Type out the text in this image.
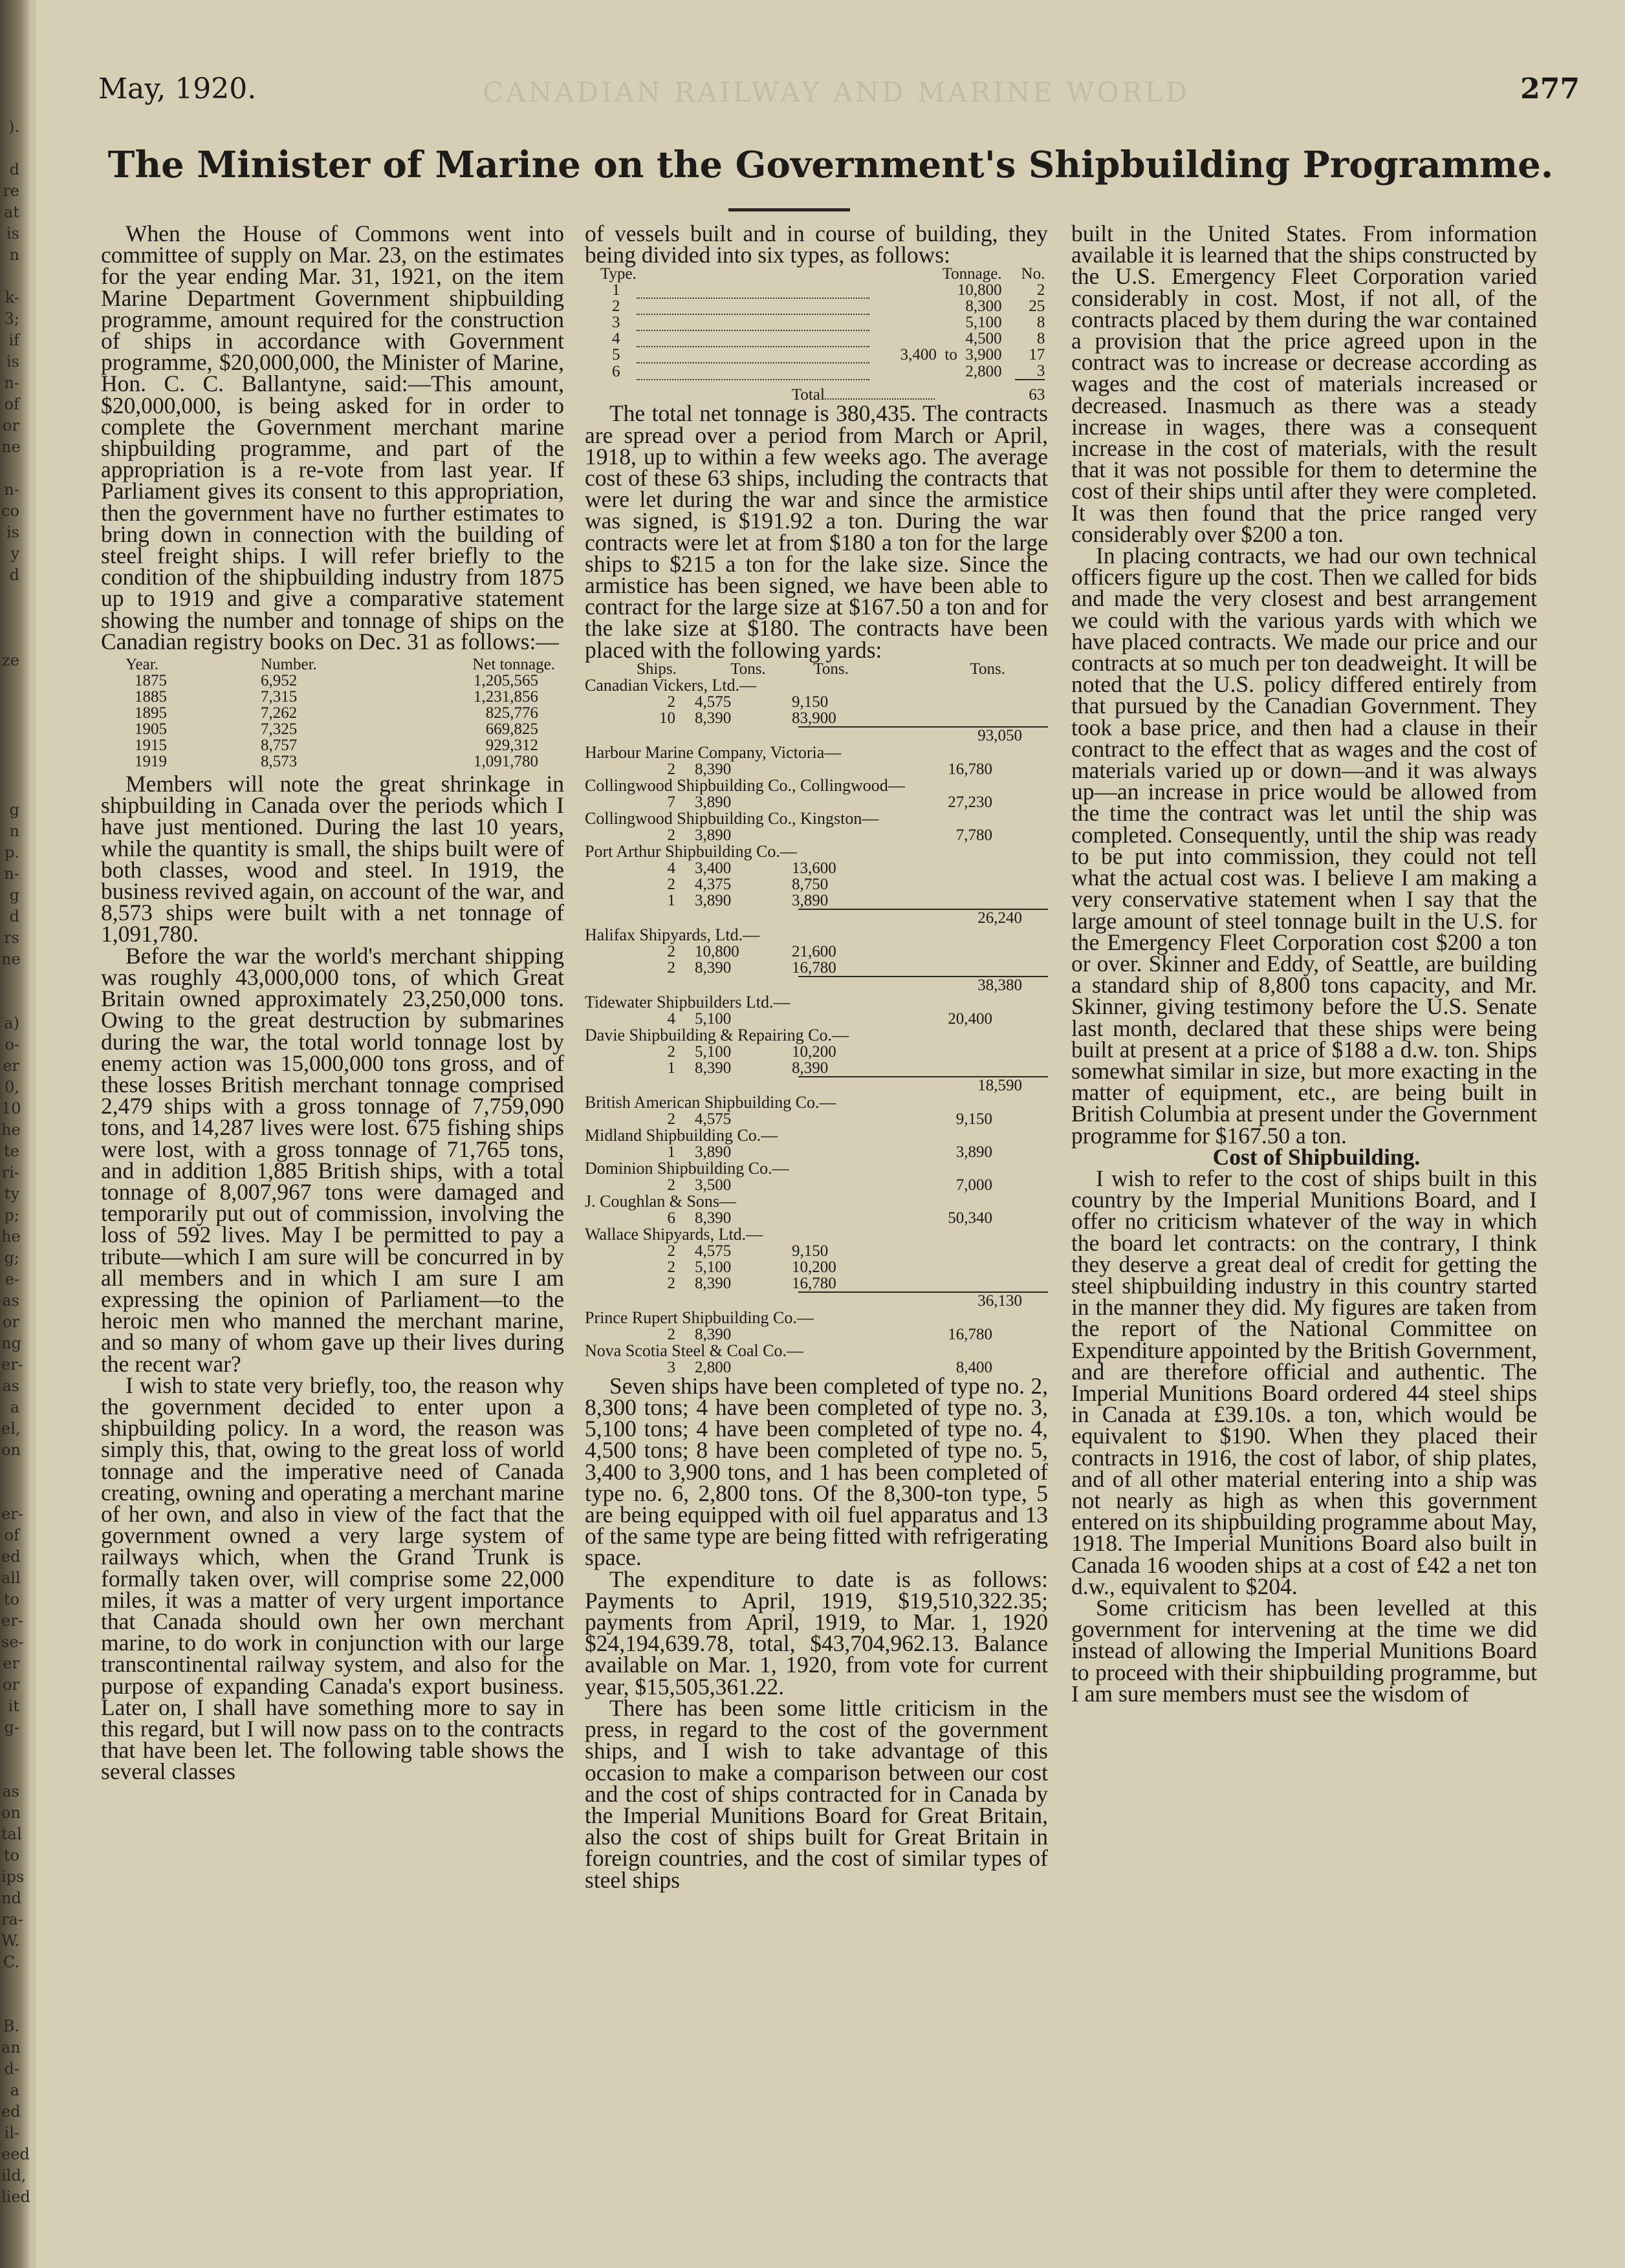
).

d
re
at
is
n

k-
3;
if
is
n-
of
or
ne

n-
co
is
y
d

ze

g
n
p.
n-
g
d
rs
ne

a)
o-
er
0,
10
he
te
ri-
ty
p;
he
g;
e-
as
or
ng
er-
as
a
el,
on

er-
of
ed
all
to
er-
se-
er
or
it
g-

as
on
tal
to
ips
nd
ra-
W.
C.

B.
an
d-
a
ed
il-
eed
ild,
lied
CANADIAN RAILWAY AND MARINE WORLD
May, 1920.	277
The Minister of Marine on the Government's Shipbuilding Programme.

When the House of Commons went into committee of supply on Mar. 23, on the estimates for the year ending Mar. 31, 1921, on the item Marine Department Government shipbuilding programme, amount required for the construction of ships in accordance with Government programme, $20,000,000, the Minister of Marine, Hon. C. C. Ballantyne, said:—This amount, $20,000,000, is being asked for in order to complete the Government merchant marine shipbuilding programme, and part of the appropriation is a re-vote from last year. If Parliament gives its consent to this appropriation, then the government have no further estimates to bring down in connection with the building of steel freight ships. I will refer briefly to the condition of the shipbuilding industry from 1875 up to 1919 and give a comparative statement showing the number and tonnage of ships on the Canadian registry books on Dec. 31 as follows:—

Year.	Number.	Net tonnage.
1875	6,952	1,205,565
1885	7,315	1,231,856
1895	7,262	825,776
1905	7,325	669,825
1915	8,757	929,312
1919	8,573	1,091,780

Members will note the great shrinkage in shipbuilding in Canada over the periods which I have just mentioned. During the last 10 years, while the quantity is small, the ships built were of both classes, wood and steel. In 1919, the business revived again, on account of the war, and 8,573 ships were built with a net tonnage of 1,091,780.

Before the war the world's merchant shipping was roughly 43,000,000 tons, of which Great Britain owned approximately 23,250,000 tons. Owing to the great destruction by submarines during the war, the total world tonnage lost by enemy action was 15,000,000 tons gross, and of these losses British merchant tonnage comprised 2,479 ships with a gross tonnage of 7,759,090 tons, and 14,287 lives were lost. 675 fishing ships were lost, with a gross tonnage of 71,765 tons, and in addition 1,885 British ships, with a total tonnage of 8,007,967 tons were damaged and temporarily put out of commission, involving the loss of 592 lives. May I be permitted to pay a tribute—which I am sure will be concurred in by all members and in which I am sure I am expressing the opinion of Parliament—to the heroic men who manned the merchant marine, and so many of whom gave up their lives during the recent war?

I wish to state very briefly, too, the reason why the government decided to enter upon a shipbuilding policy. In a word, the reason was simply this, that, owing to the great loss of world tonnage and the imperative need of Canada creating, owning and operating a merchant marine of her own, and also in view of the fact that the government owned a very large system of railways which, when the Grand Trunk is formally taken over, will comprise some 22,000 miles, it was a matter of very urgent importance that Canada should own her own merchant marine, to do work in conjunction with our large transcontinental railway system, and also for the purpose of expanding Canada's export business. Later on, I shall have something more to say in this regard, but I will now pass on to the contracts that have been let. The following table shows the several classes

of vessels built and in course of building, they being divided into six types, as follows:

Type.		Tonnage.	No.
1		10,800	2
2		8,300	25
3		5,100	8
4		4,500	8
5		3,400  to  3,900	17
6		2,800	3
	Total		63

The total net tonnage is 380,435. The contracts are spread over a period from March or April, 1918, up to within a few weeks ago. The average cost of these 63 ships, including the contracts that were let during the war and since the armistice was signed, is $191.92 a ton. During the war contracts were let at from $180 a ton for the large ships to $215 a ton for the lake size. Since the armistice has been signed, we have been able to contract for the large size at $167.50 a ton and for the lake size at $180. The contracts have been placed with the following yards:

Ships.	Tons.	Tons.	Tons.
Canadian Vickers, Ltd.—
2	4,575	9,150	
10	8,390	83,900	
93,050
Harbour Marine Company, Victoria—
2	8,390		16,780
Collingwood Shipbuilding Co., Collingwood—
7	3,890		27,230
Collingwood Shipbuilding Co., Kingston—
2	3,890		7,780
Port Arthur Shipbuilding Co.—
4	3,400	13,600	
2	4,375	8,750	
1	3,890	3,890	
26,240
Halifax Shipyards, Ltd.—
2	10,800	21,600	
2	8,390	16,780	
38,380
Tidewater Shipbuilders Ltd.—
4	5,100		20,400
Davie Shipbuilding & Repairing Co.—
2	5,100	10,200	
1	8,390	8,390	
18,590
British American Shipbuilding Co.—
2	4,575		9,150
Midland Shipbuilding Co.—
1	3,890		3,890
Dominion Shipbuilding Co.—
2	3,500		7,000
J. Coughlan & Sons—
6	8,390		50,340
Wallace Shipyards, Ltd.—
2	4,575	9,150	
2	5,100	10,200	
2	8,390	16,780	
36,130
Prince Rupert Shipbuilding Co.—
2	8,390		16,780
Nova Scotia Steel & Coal Co.—
3	2,800		8,400

Seven ships have been completed of type no. 2, 8,300 tons; 4 have been completed of type no. 3, 5,100 tons; 4 have been completed of type no. 4, 4,500 tons; 8 have been completed of type no. 5, 3,400 to 3,900 tons, and 1 has been completed of type no. 6, 2,800 tons. Of the 8,300-ton type, 5 are being equipped with oil fuel apparatus and 13 of the same type are being fitted with refrigerating space.

The expenditure to date is as follows: Payments to April, 1919, $19,510,322.35; payments from April, 1919, to Mar. 1, 1920 $24,194,639.78, total, $43,704,962.13. Balance available on Mar. 1, 1920, from vote for current year, $15,505,361.22.

There has been some little criticism in the press, in regard to the cost of the government ships, and I wish to take advantage of this occasion to make a comparison between our cost and the cost of ships contracted for in Canada by the Imperial Munitions Board for Great Britain, also the cost of ships built for Great Britain in foreign countries, and the cost of similar types of steel ships

built in the United States. From information available it is learned that the ships constructed by the U.S. Emergency Fleet Corporation varied considerably in cost. Most, if not all, of the contracts placed by them during the war contained a provision that the price agreed upon in the contract was to increase or decrease according as wages and the cost of materials increased or decreased. Inasmuch as there was a steady increase in wages, there was a consequent increase in the cost of materials, with the result that it was not possible for them to determine the cost of their ships until after they were completed. It was then found that the price ranged very considerably over $200 a ton.

In placing contracts, we had our own technical officers figure up the cost. Then we called for bids and made the very closest and best arrangement we could with the various yards with which we have placed contracts. We made our price and our contracts at so much per ton deadweight. It will be noted that the U.S. policy differed entirely from that pursued by the Canadian Government. They took a base price, and then had a clause in their contract to the effect that as wages and the cost of materials varied up or down—and it was always up—an increase in price would be allowed from the time the contract was let until the ship was completed. Consequently, until the ship was ready to be put into commission, they could not tell what the actual cost was. I believe I am making a very conservative statement when I say that the large amount of steel tonnage built in the U.S. for the Emergency Fleet Corporation cost $200 a ton or over. Skinner and Eddy, of Seattle, are building a standard ship of 8,800 tons capacity, and Mr. Skinner, giving testimony before the U.S. Senate last month, declared that these ships were being built at present at a price of $188 a d.w. ton. Ships somewhat similar in size, but more exacting in the matter of equipment, etc., are being built in British Columbia at present under the Government programme for $167.50 a ton.

Cost of Shipbuilding.

I wish to refer to the cost of ships built in this country by the Imperial Munitions Board, and I offer no criticism whatever of the way in which the board let contracts: on the contrary, I think they deserve a great deal of credit for getting the steel shipbuilding industry in this country started in the manner they did. My figures are taken from the report of the National Committee on Expenditure appointed by the British Government, and are therefore official and authentic. The Imperial Munitions Board ordered 44 steel ships in Canada at £39.10s. a ton, which would be equivalent to $190. When they placed their contracts in 1916, the cost of labor, of ship plates, and of all other material entering into a ship was not nearly as high as when this government entered on its shipbuilding programme about May, 1918. The Imperial Munitions Board also built in Canada 16 wooden ships at a cost of £42 a net ton d.w., equivalent to $204.

Some criticism has been levelled at this government for intervening at the time we did instead of allowing the Imperial Munitions Board to proceed with their shipbuilding programme, but I am sure members must see the wisdom of
